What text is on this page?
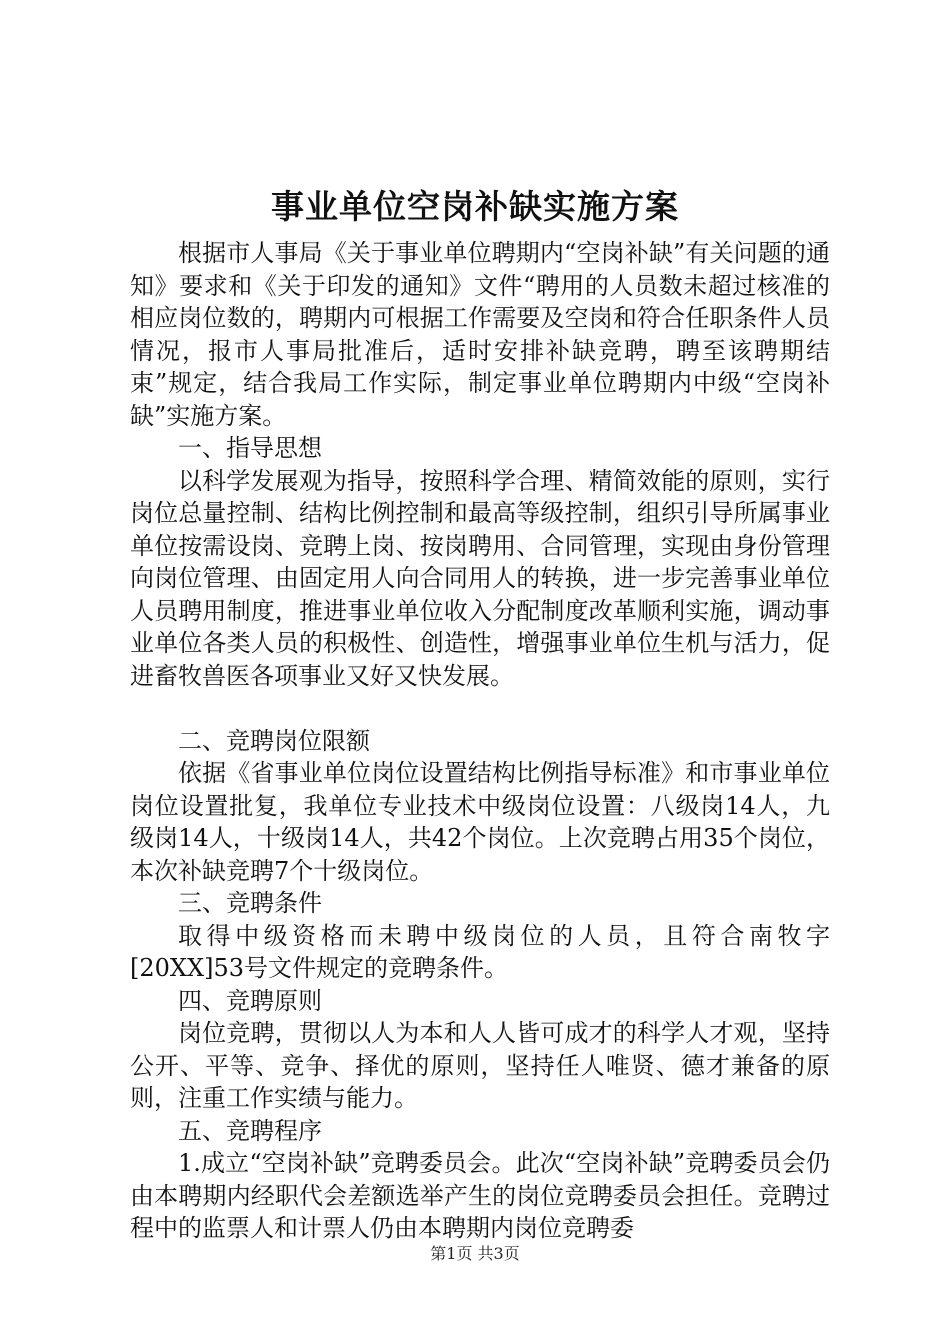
事业单位空岗补缺实施方案

根据市人事局《关于事业单位聘期内“空岗补缺”有关问题的通知》要求和《关于印发的通知》文件“聘用的人员数未超过核准的相应岗位数的，聘期内可根据工作需要及空岗和符合任职条件人员情况，报市人事局批准后，适时安排补缺竞聘，聘至该聘期结束”规定，结合我局工作实际，制定事业单位聘期内中级“空岗补缺”实施方案。

一、指导思想

以科学发展观为指导，按照科学合理、精简效能的原则，实行岗位总量控制、结构比例控制和最高等级控制，组织引导所属事业单位按需设岗、竞聘上岗、按岗聘用、合同管理，实现由身份管理向岗位管理、由固定用人向合同用人的转换，进一步完善事业单位人员聘用制度，推进事业单位收入分配制度改革顺利实施，调动事业单位各类人员的积极性、创造性，增强事业单位生机与活力，促进畜牧兽医各项事业又好又快发展。

二、竞聘岗位限额

依据《省事业单位岗位设置结构比例指导标准》和市事业单位岗位设置批复，我单位专业技术中级岗位设置：八级岗14人，九级岗14人，十级岗14人，共42个岗位。上次竞聘占用35个岗位，本次补缺竞聘7个十级岗位。

三、竞聘条件

取得中级资格而未聘中级岗位的人员，且符合南牧字[20XX]53号文件规定的竞聘条件。

四、竞聘原则

岗位竞聘，贯彻以人为本和人人皆可成才的科学人才观，坚持公开、平等、竞争、择优的原则，坚持任人唯贤、德才兼备的原则，注重工作实绩与能力。

五、竞聘程序

1.成立“空岗补缺”竞聘委员会。此次“空岗补缺”竞聘委员会仍由本聘期内经职代会差额选举产生的岗位竞聘委员会担任。竞聘过程中的监票人和计票人仍由本聘期内岗位竞聘委

第1页 共3页
